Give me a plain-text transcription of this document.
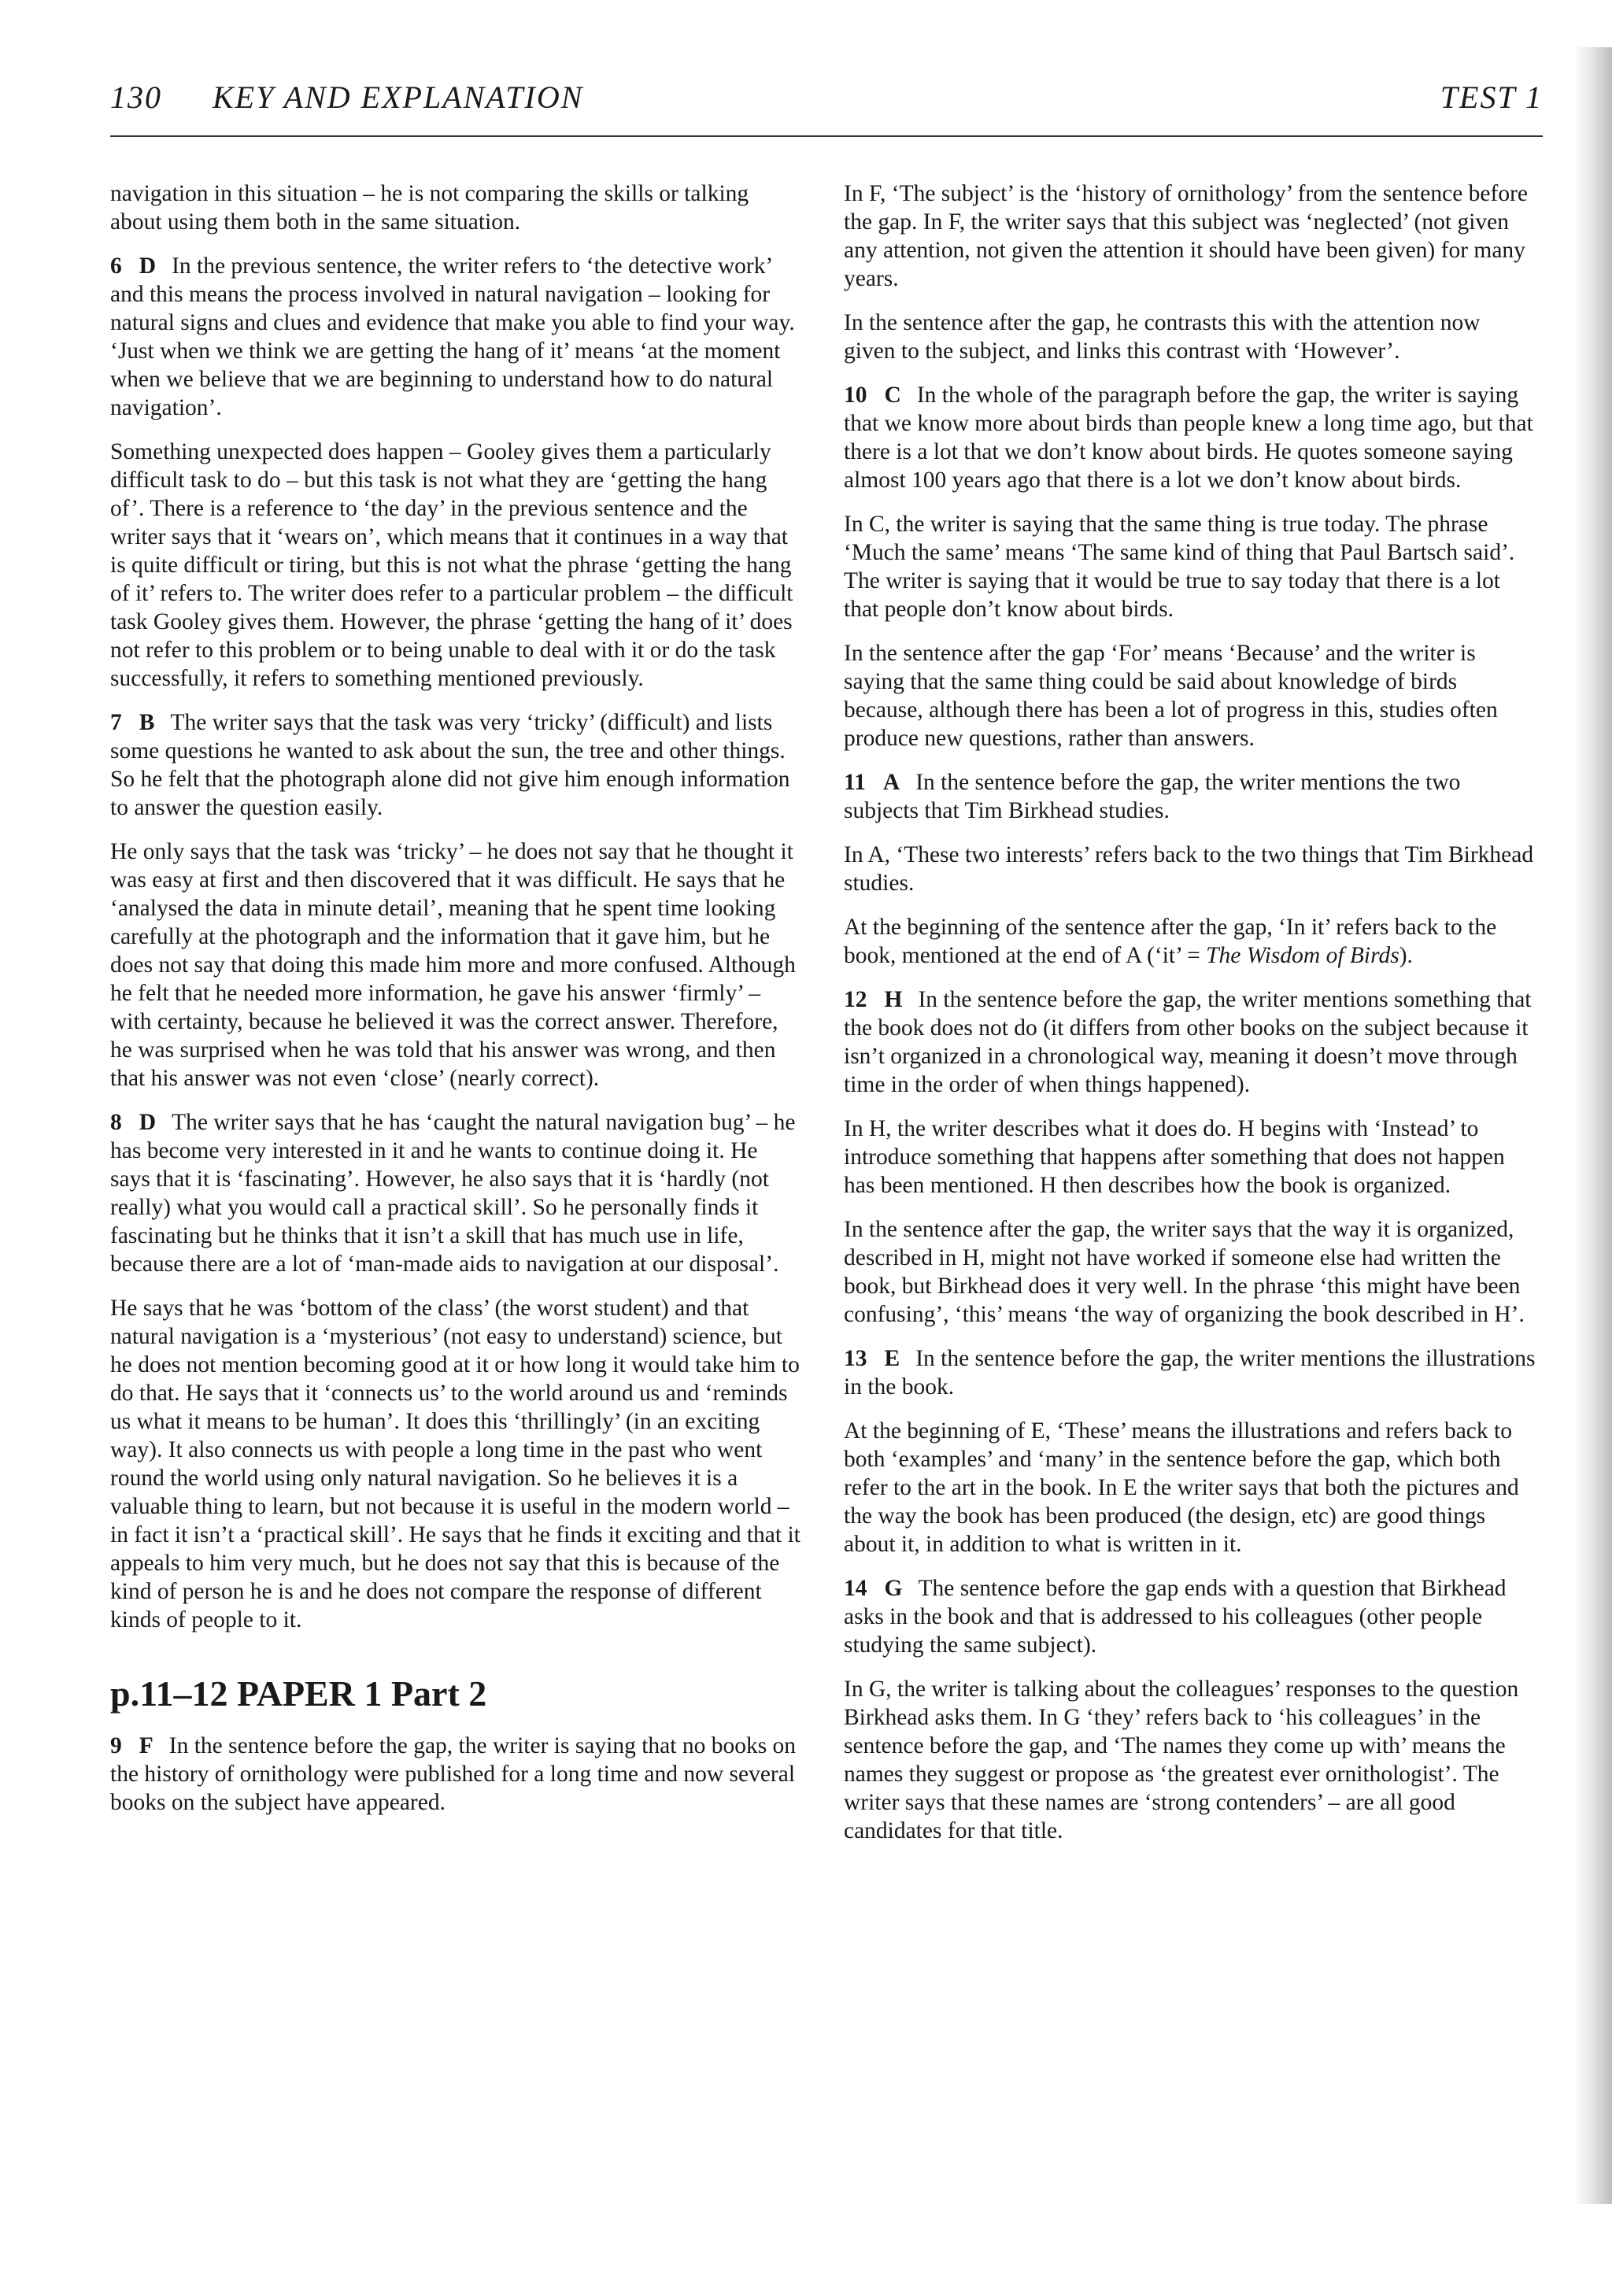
130 KEY AND EXPLANATION	TEST 1

navigation in this situation – he is not comparing the skills or talking about using them both in the same situation.

6 D In the previous sentence, the writer refers to ‘the detective work’ and this means the process involved in natural navigation – looking for natural signs and clues and evidence that make you able to find your way. ‘Just when we think we are getting the hang of it’ means ‘at the moment when we believe that we are beginning to understand how to do natural navigation’.

Something unexpected does happen – Gooley gives them a particularly difficult task to do – but this task is not what they are ‘getting the hang of’. There is a reference to ‘the day’ in the previous sentence and the writer says that it ‘wears on’, which means that it continues in a way that is quite difficult or tiring, but this is not what the phrase ‘getting the hang of it’ refers to. The writer does refer to a particular problem – the difficult task Gooley gives them. However, the phrase ‘getting the hang of it’ does not refer to this problem or to being unable to deal with it or do the task successfully, it refers to something mentioned previously.

7 B The writer says that the task was very ‘tricky’ (difficult) and lists some questions he wanted to ask about the sun, the tree and other things. So he felt that the photograph alone did not give him enough information to answer the question easily.

He only says that the task was ‘tricky’ – he does not say that he thought it was easy at first and then discovered that it was difficult. He says that he ‘analysed the data in minute detail’, meaning that he spent time looking carefully at the photograph and the information that it gave him, but he does not say that doing this made him more and more confused. Although he felt that he needed more information, he gave his answer ‘firmly’ – with certainty, because he believed it was the correct answer. Therefore, he was surprised when he was told that his answer was wrong, and then that his answer was not even ‘close’ (nearly correct).

8 D The writer says that he has ‘caught the natural navigation bug’ – he has become very interested in it and he wants to continue doing it. He says that it is ‘fascinating’. However, he also says that it is ‘hardly (not really) what you would call a practical skill’. So he personally finds it fascinating but he thinks that it isn’t a skill that has much use in life, because there are a lot of ‘man-made aids to navigation at our disposal’.

He says that he was ‘bottom of the class’ (the worst student) and that natural navigation is a ‘mysterious’ (not easy to understand) science, but he does not mention becoming good at it or how long it would take him to do that. He says that it ‘connects us’ to the world around us and ‘reminds us what it means to be human’. It does this ‘thrillingly’ (in an exciting way). It also connects us with people a long time in the past who went round the world using only natural navigation. So he believes it is a valuable thing to learn, but not because it is useful in the modern world – in fact it isn’t a ‘practical skill’. He says that he finds it exciting and that it appeals to him very much, but he does not say that this is because of the kind of person he is and he does not compare the response of different kinds of people to it.

p.11–12 PAPER 1 Part 2

9 F In the sentence before the gap, the writer is saying that no books on the history of ornithology were published for a long time and now several books on the subject have appeared.

In F, ‘The subject’ is the ‘history of ornithology’ from the sentence before the gap. In F, the writer says that this subject was ‘neglected’ (not given any attention, not given the attention it should have been given) for many years.

In the sentence after the gap, he contrasts this with the attention now given to the subject, and links this contrast with ‘However’.

10 C In the whole of the paragraph before the gap, the writer is saying that we know more about birds than people knew a long time ago, but that there is a lot that we don’t know about birds. He quotes someone saying almost 100 years ago that there is a lot we don’t know about birds.

In C, the writer is saying that the same thing is true today. The phrase ‘Much the same’ means ‘The same kind of thing that Paul Bartsch said’. The writer is saying that it would be true to say today that there is a lot that people don’t know about birds.

In the sentence after the gap ‘For’ means ‘Because’ and the writer is saying that the same thing could be said about knowledge of birds because, although there has been a lot of progress in this, studies often produce new questions, rather than answers.

11 A In the sentence before the gap, the writer mentions the two subjects that Tim Birkhead studies.

In A, ‘These two interests’ refers back to the two things that Tim Birkhead studies.

At the beginning of the sentence after the gap, ‘In it’ refers back to the book, mentioned at the end of A (‘it’ = The Wisdom of Birds).

12 H In the sentence before the gap, the writer mentions something that the book does not do (it differs from other books on the subject because it isn’t organized in a chronological way, meaning it doesn’t move through time in the order of when things happened).

In H, the writer describes what it does do. H begins with ‘Instead’ to introduce something that happens after something that does not happen has been mentioned. H then describes how the book is organized.

In the sentence after the gap, the writer says that the way it is organized, described in H, might not have worked if someone else had written the book, but Birkhead does it very well. In the phrase ‘this might have been confusing’, ‘this’ means ‘the way of organizing the book described in H’.

13 E In the sentence before the gap, the writer mentions the illustrations in the book.

At the beginning of E, ‘These’ means the illustrations and refers back to both ‘examples’ and ‘many’ in the sentence before the gap, which both refer to the art in the book. In E the writer says that both the pictures and the way the book has been produced (the design, etc) are good things about it, in addition to what is written in it.

14 G The sentence before the gap ends with a question that Birkhead asks in the book and that is addressed to his colleagues (other people studying the same subject).

In G, the writer is talking about the colleagues’ responses to the question Birkhead asks them. In G ‘they’ refers back to ‘his colleagues’ in the sentence before the gap, and ‘The names they come up with’ means the names they suggest or propose as ‘the greatest ever ornithologist’. The writer says that these names are ‘strong contenders’ – are all good candidates for that title.
